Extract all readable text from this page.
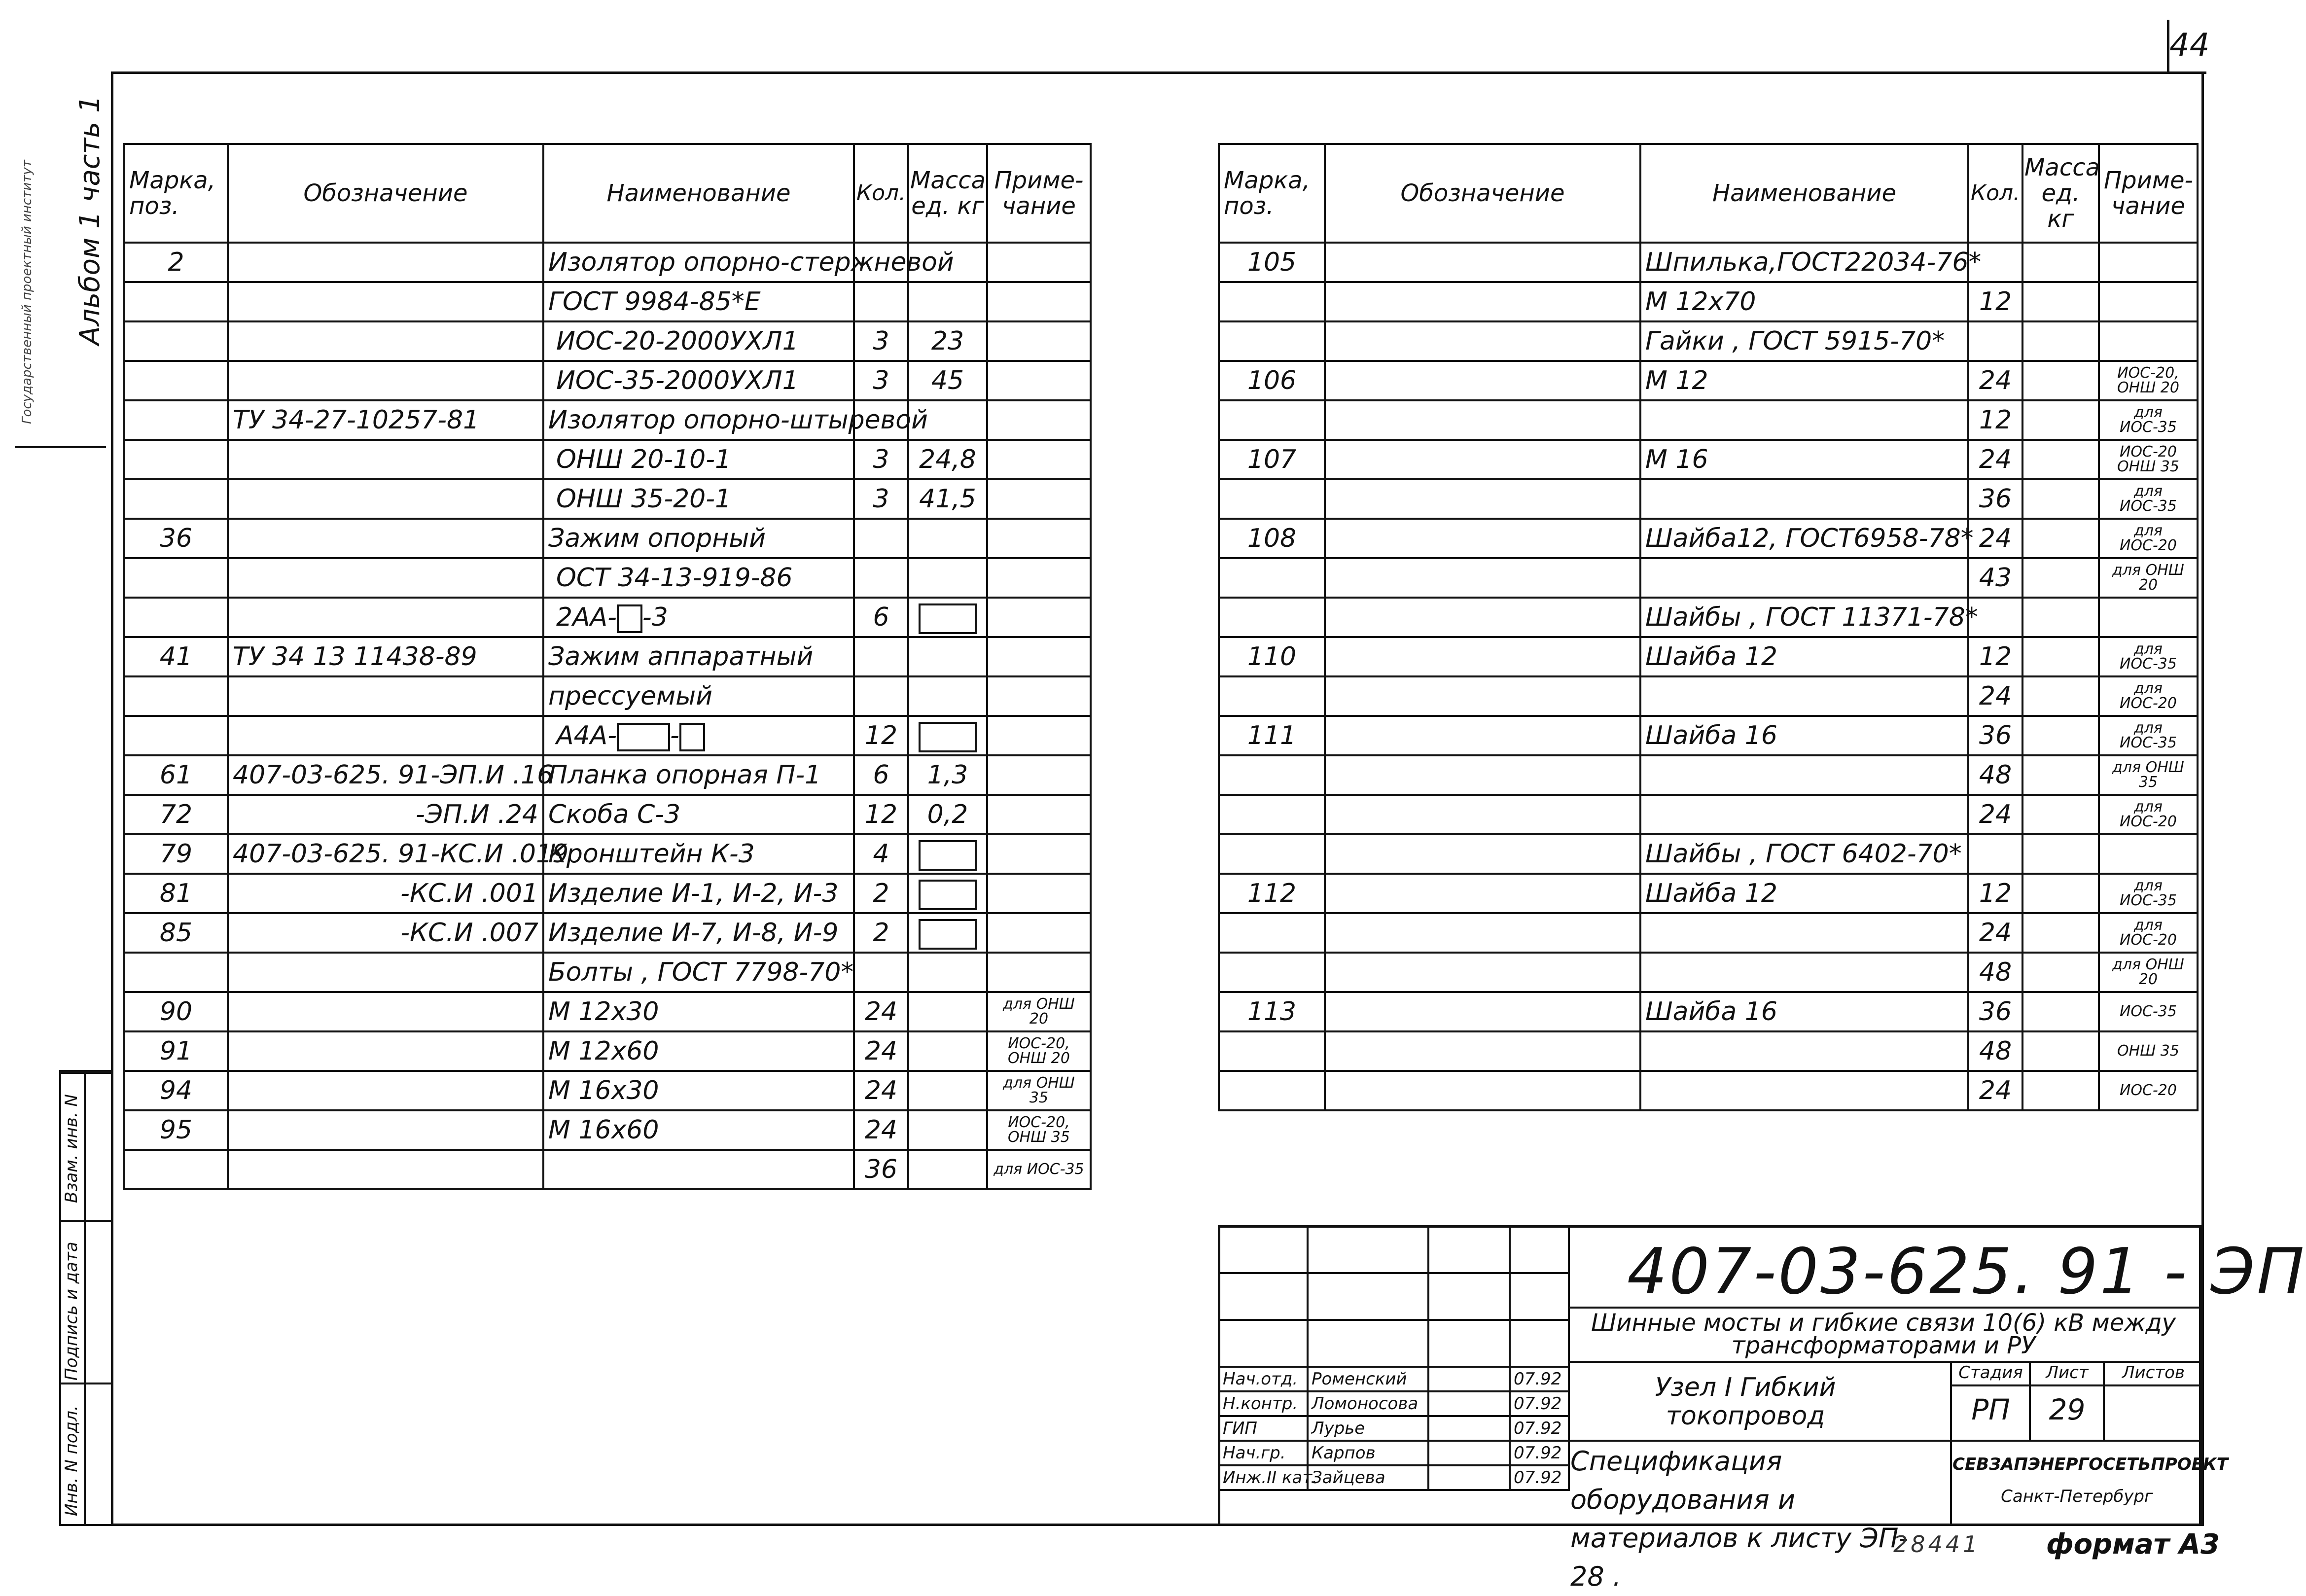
44
Альбом 1 часть 1
Государственный проектный институт
Взам. инв. N
Подпись и дата
Инв. N подл.
Марка, поз.	Обозначение	Наименование	Кол.	Масса ед. кг	Приме- чание
2		Изолятор опорно-стержневой			
		ГОСТ 9984-85*Е			
		ИОС-20-2000УХЛ1	3	23	
		ИОС-35-2000УХЛ1	3	45	
	ТУ 34-27-10257-81	Изолятор опорно-штыревой			
		ОНШ 20-10-1	3	24,8	
		ОНШ 35-20-1	3	41,5	
36		Зажим опорный			
		ОСТ 34-13-919-86			
		2АА- -3	6		
41	ТУ 34 13 11438-89	Зажим аппаратный			
		прессуемый			
		А4А- -	12		
61	407-03-625. 91-ЭП.И .16	Планка опорная П-1	6	1,3	
72	-ЭП.И .24	Скоба С-3	12	0,2	
79	407-03-625. 91-КС.И .019	Кронштейн К-3	4		
81	-КС.И .001	Изделие И-1, И-2, И-3	2		
85	-КС.И .007	Изделие И-7, И-8, И-9	2		
		Болты , ГОСТ 7798-70*			
90		М 12х30	24		для ОНШ 20
91		М 12х60	24		ИОС-20, ОНШ 20
94		М 16х30	24		для ОНШ 35
95		М 16х60	24		ИОС-20, ОНШ 35
			36		для ИОС-35
Марка, поз.	Обозначение	Наименование	Кол.	Масса ед. кг	Приме- чание
105		Шпилька,ГОСТ22034-76*			
		М 12х70	12		
		Гайки , ГОСТ 5915-70*			
106		М 12	24		ИОС-20, ОНШ 20
			12		для ИОС-35
107		М 16	24		ИОС-20 ОНШ 35
			36		для ИОС-35
108		Шайба12, ГОСТ6958-78*	24		для ИОС-20
			43		для ОНШ 20
		Шайбы , ГОСТ 11371-78*			
110		Шайба 12	12		для ИОС-35
			24		для ИОС-20
111		Шайба 16	36		для ИОС-35
			48		для ОНШ 35
			24		для ИОС-20
		Шайбы , ГОСТ 6402-70*			
112		Шайба 12	12		для ИОС-35
			24		для ИОС-20
			48		для ОНШ 20
113		Шайба 16	36		ИОС-35
			48		ОНШ 35
			24		ИОС-20

Нач.отд.	Роменский		07.92
Н.контр.	Ломоносова		07.92
ГИП	Лурье		07.92
Нач.гр.	Карпов		07.92
Инж.II кат.	Зайцева		07.92
407-03-625. 91 - ЭП
Шинные мосты и гибкие связи 10(6) кВ между трансформаторами и РУ
Узел I Гибкий токопровод
Спецификация оборудования и материалов к листу ЭП- 28 .
Стадия	Лист	Листов
РП	29
СЕВЗАПЭНЕРГОСЕТЬПРОЕКТ
Санкт-Петербург
28441 формат А3
